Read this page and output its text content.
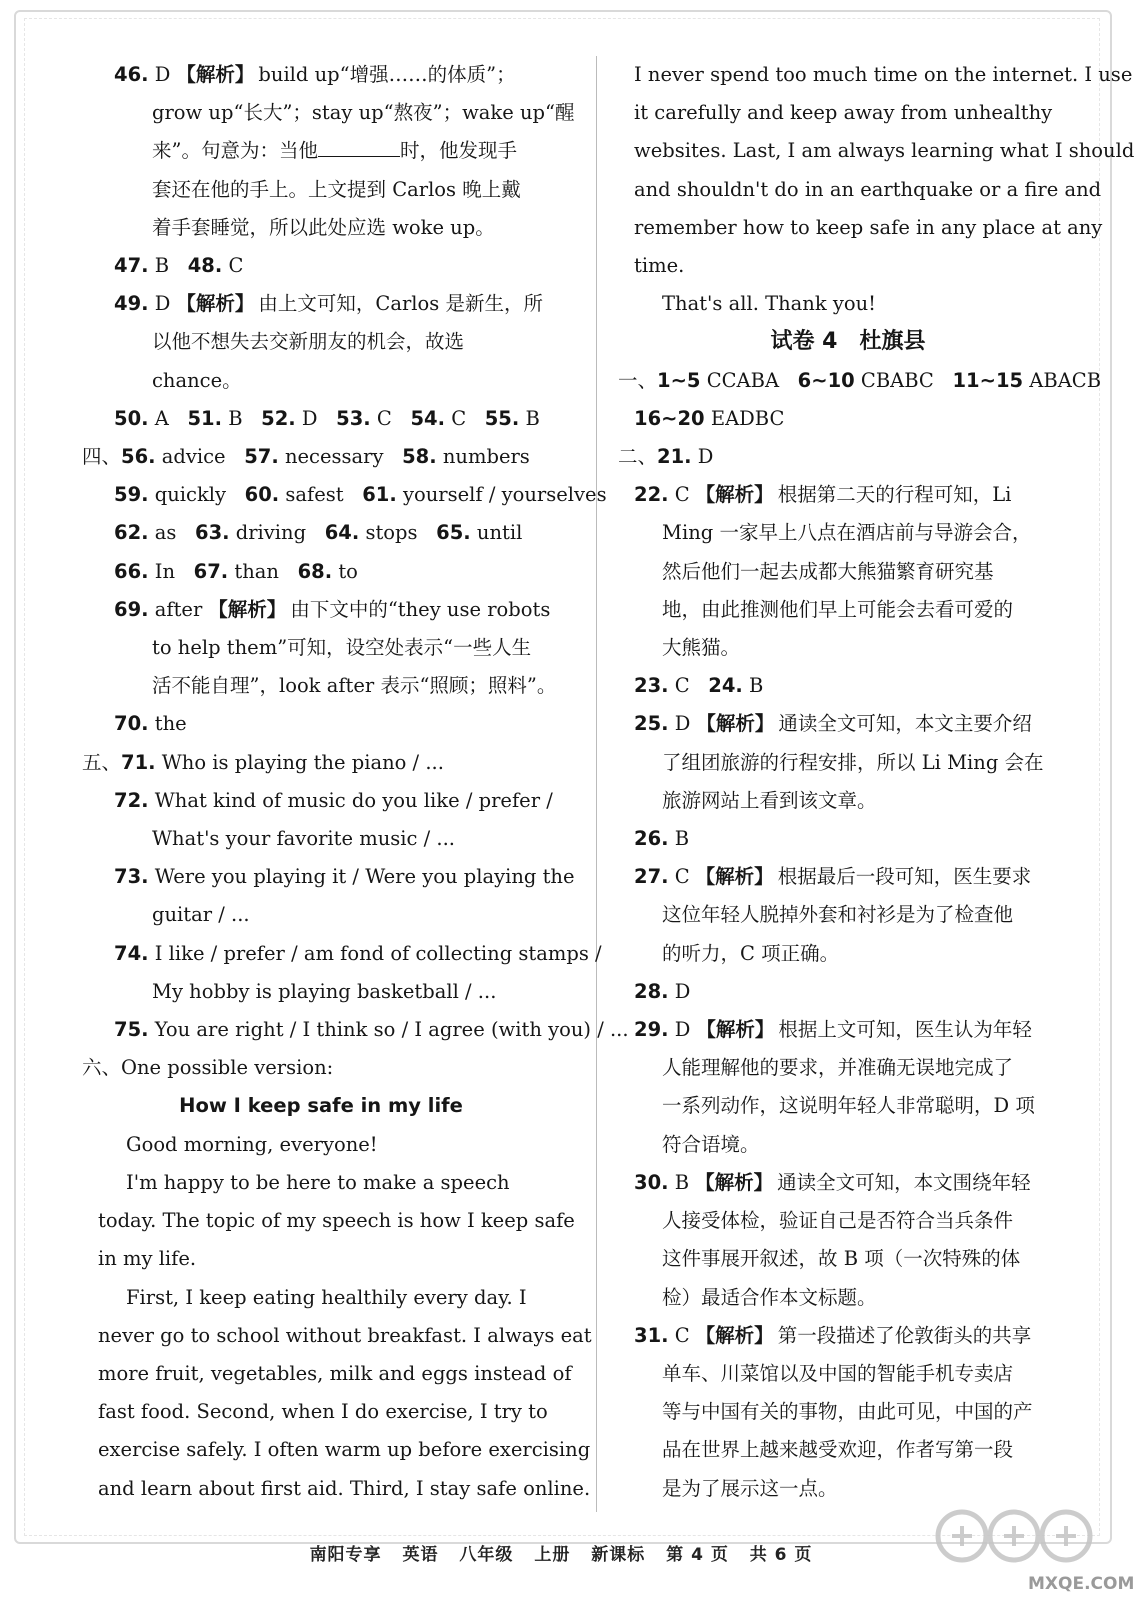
46. D 【解析】 build up“增强……的体质”；
grow up“长大”；stay up“熬夜”；wake up“醒
来”。句意为：当他	时，他发现手
套还在他的手上。上文提到 Carlos 晚上戴
着手套睡觉，所以此处应选 woke up。
47. B 48. C
49. D 【解析】 由上文可知，Carlos 是新生，所
以他不想失去交新朋友的机会，故选
chance。
50. A 51. B 52. D 53. C 54. C 55. B
四、56. advice 57. necessary 58. numbers
59. quickly 60. safest 61. yourself / yourselves
62. as 63. driving 64. stops 65. until
66. In 67. than 68. to
69. after 【解析】 由下文中的“they use robots
to help them”可知，设空处表示“一些人生
活不能自理”，look after 表示“照顾；照料”。
70. the
五、71. Who is playing the piano / ...
72. What kind of music do you like / prefer /
What's your favorite music / ...
73. Were you playing it / Were you playing the
guitar / ...
74. I like / prefer / am fond of collecting stamps /
My hobby is playing basketball / ...
75. You are right / I think so / I agree (with you) / ...
六、One possible version:
How I keep safe in my life
Good morning, everyone!
I'm happy to be here to make a speech
today. The topic of my speech is how I keep safe
in my life.
First, I keep eating healthily every day. I
never go to school without breakfast. I always eat
more fruit, vegetables, milk and eggs instead of
fast food. Second, when I do exercise, I try to
exercise safely. I often warm up before exercising
and learn about first aid. Third, I stay safe online.
I never spend too much time on the internet. I use
it carefully and keep away from unhealthy
websites. Last, I am always learning what I should
and shouldn't do in an earthquake or a fire and
remember how to keep safe in any place at any
time.
That's all. Thank you!
试卷 4　杜旗县
一、1~5 CCABA 6~10 CBABC 11~15 ABACB
16~20 EADBC
二、21. D
22. C 【解析】 根据第二天的行程可知，Li
Ming 一家早上八点在酒店前与导游会合，
然后他们一起去成都大熊猫繁育研究基
地，由此推测他们早上可能会去看可爱的
大熊猫。
23. C 24. B
25. D 【解析】 通读全文可知，本文主要介绍
了组团旅游的行程安排，所以 Li Ming 会在
旅游网站上看到该文章。
26. B
27. C 【解析】 根据最后一段可知，医生要求
这位年轻人脱掉外套和衬衫是为了检查他
的听力，C 项正确。
28. D
29. D 【解析】 根据上文可知，医生认为年轻
人能理解他的要求，并准确无误地完成了
一系列动作，这说明年轻人非常聪明，D 项
符合语境。
30. B 【解析】 通读全文可知，本文围绕年轻
人接受体检，验证自己是否符合当兵条件
这件事展开叙述，故 B 项（一次特殊的体
检）最适合作本文标题。
31. C 【解析】 第一段描述了伦敦街头的共享
单车、川菜馆以及中国的智能手机专卖店
等与中国有关的事物，由此可见，中国的产
品在世界上越来越受欢迎，作者写第一段
是为了展示这一点。
南阳专享 英语 八年级 上册 新课标 第 4 页 共 6 页
MXQE.COM
